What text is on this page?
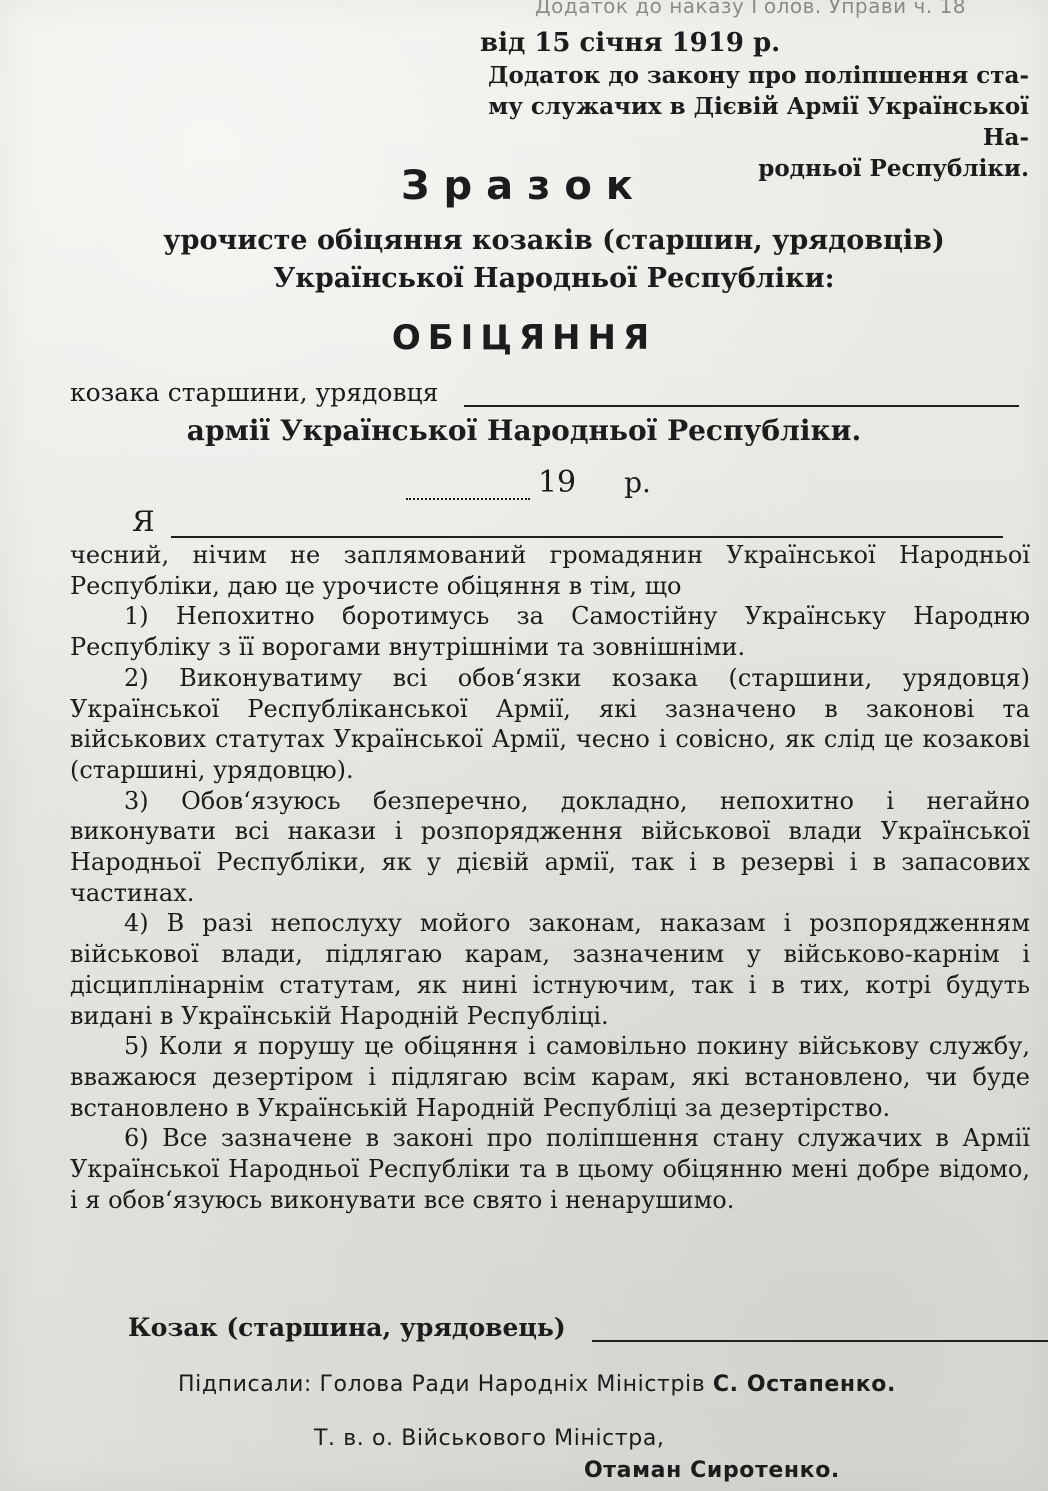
Додаток до наказу Голов. Управи ч. 18
від 15 січня 1919 р.
Додаток до закону про поліпшення ста-
му служачих в Дієвій Армії Української На-
родньої Республіки.
Зразок
урочисте обіцяння козаків (старшин, урядовців) Української Народньої Республіки:
ОБІЦЯННЯ
козака старшини, урядовця
армії Української Народньої Республіки.
19 р.
Я

чесний, нічим не заплямований громадянин Української Народньої Республіки, даю це урочисте обіцяння в тім, що

1) Непохитно боротимусь за Самостійну Українську Народню Республіку з її ворогами внутрішніми та зовнішніми.

2) Виконуватиму всі обов‘язки козака (старшини, урядовця) Української Республіканської Армії, які зазначено в законові та військових статутах Української Армії, чесно і совісно, як слід це козакові (старшині, урядовцю).

3) Обов‘язуюсь безперечно, докладно, непохитно і негайно виконувати всі накази і розпорядження військової влади Української Народньої Республіки, як у дієвій армії, так і в резерві і в запасових частинах.

4) В разі непослуху мойого законам, наказам і розпорядженням військової влади, підлягаю карам, зазначеним у військово-карнім і дісциплінарнім статутам, як нині істнуючим, так і в тих, котрі будуть видані в Українській Народній Республіці.

5) Коли я порушу це обіцяння і самовільно покину військову службу, вважаюся дезертіром і підлягаю всім карам, які встановлено, чи буде встановлено в Українській Народній Республіці за дезертірство.

6) Все зазначене в законі про поліпшення стану служачих в Армії Української Народньої Республіки та в цьому обіцянню мені добре відомо, і я обов‘язуюсь виконувати все свято і ненарушимо.

Козак (старшина, урядовець)
Підписали: Голова Ради Народніх Міністрів С. Остапенко.
Т. в. о. Військового Міністра,
Отаман Сиротенко.
